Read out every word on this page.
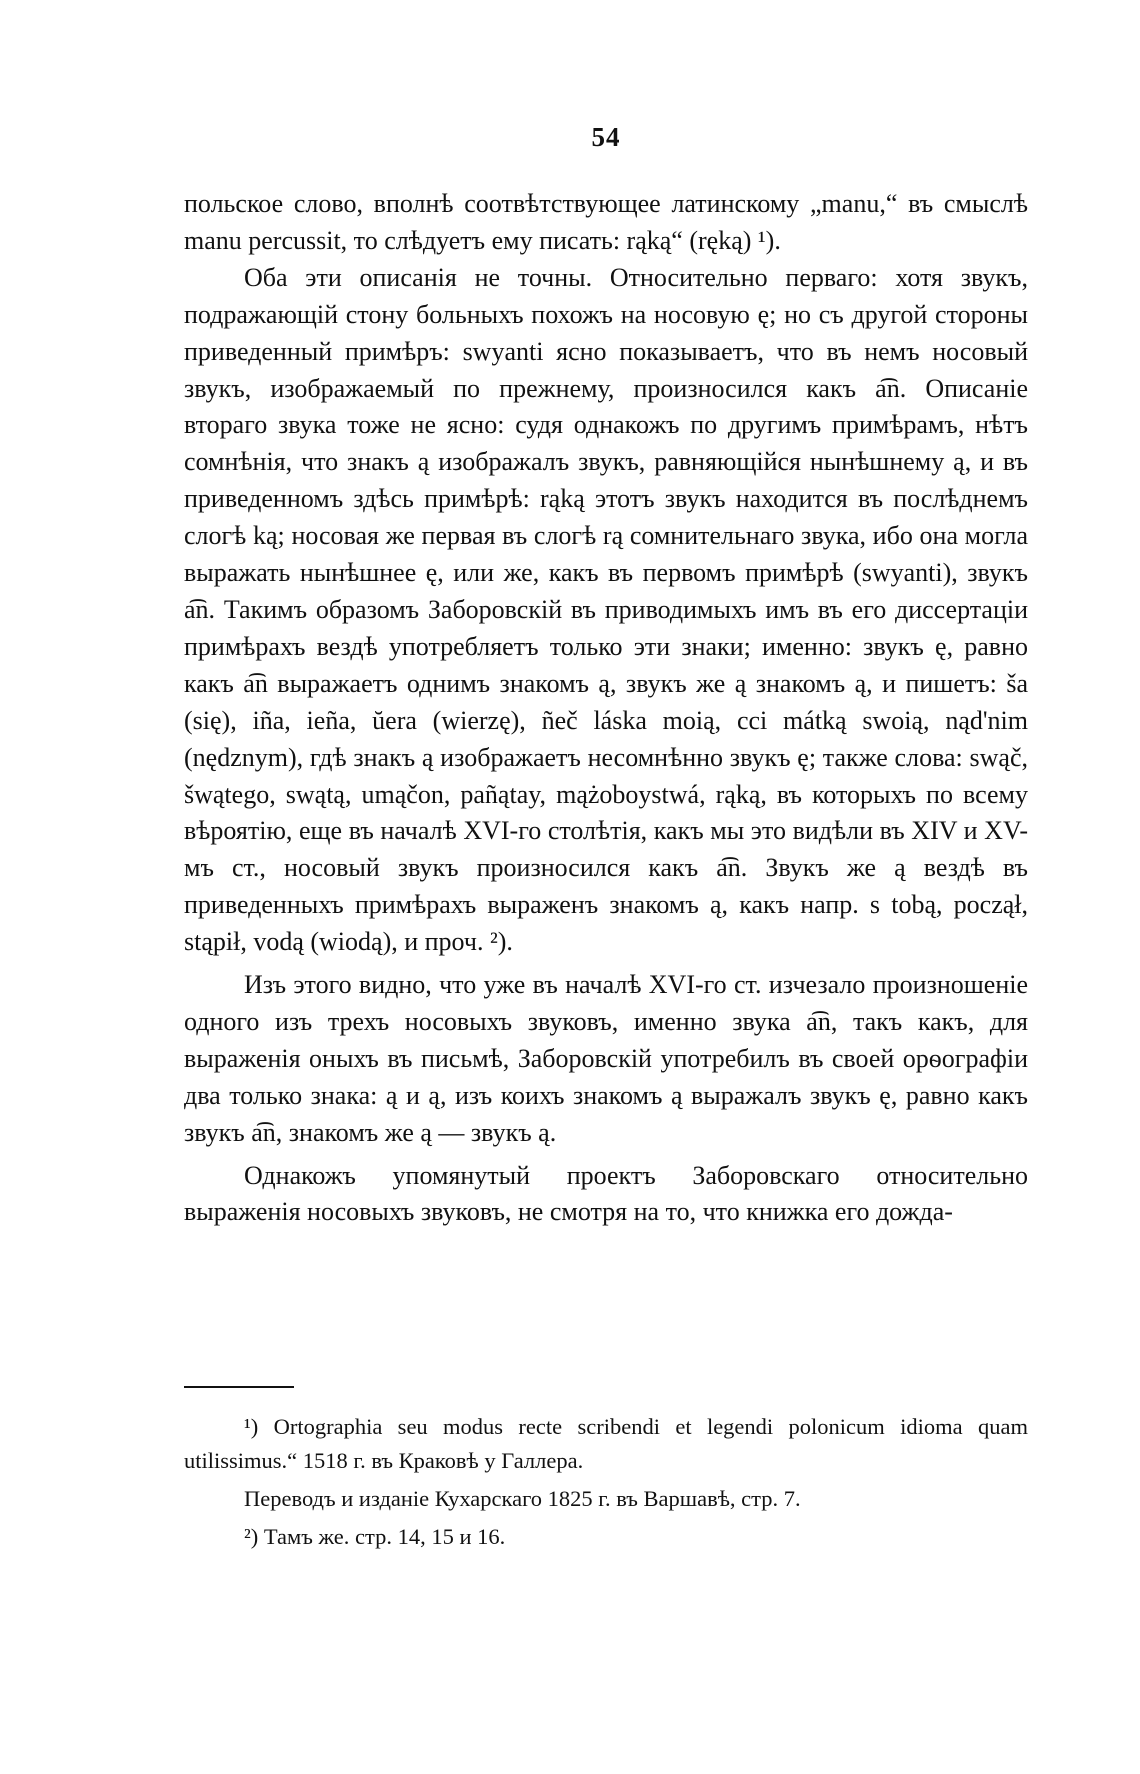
54

польское слово, вполнѣ соотвѣтствующее латинскому „manu,“ въ смыслѣ manu percussit, то слѣдуетъ ему писать: rąką“ (ręką) ¹).

Оба эти описанія не точны. Относительно перваго: хотя звукъ, подражающій стону больныхъ похожъ на носовую ę; но съ другой стороны приведенный примѣръ: swyanti ясно показываетъ, что въ немъ носовый звукъ, изображаемый по прежнему, произносился какъ a͡n. Описаніе втораго звука тоже не ясно: судя однакожъ по другимъ примѣрамъ, нѣтъ сомнѣнія, что знакъ ą изображалъ звукъ, равняющійся нынѣшнему ą, и въ приведенномъ здѣсь примѣрѣ: rąką этотъ звукъ находится въ послѣднемъ слогѣ ką; носовая же первая въ слогѣ rą сомнительнаго звука, ибо она могла выражать нынѣшнее ę, или же, какъ въ первомъ примѣрѣ (swyanti), звукъ a͡n. Такимъ образомъ Заборовскій въ приводимыхъ имъ въ его диссертаціи примѣрахъ вездѣ употребляетъ только эти знаки; именно: звукъ ę, равно какъ a͡n выражаетъ однимъ знакомъ ą, звукъ же ą знакомъ ą, и пишетъ: ša (się), iña, ieñа, ŭera (wierzę), ñeč láska moią, cci mátką swoią, nąd'nim (nędznym), гдѣ знакъ ą изображаетъ несомнѣнно звукъ ę; также слова: swąč, šwątego, swątą, umąčon, pañątay, mążoboystwá, rąką, въ которыхъ по всему вѣроятію, еще въ началѣ XVI-го столѣтія, какъ мы это видѣли въ XIV и XV-мъ ст., носовый звукъ произносился какъ a͡n. Звукъ же ą вездѣ въ приведенныхъ примѣрахъ выраженъ знакомъ ą, какъ напр. s tobą, począł, stąpił, vodą (wiodą), и проч. ²).

Изъ этого видно, что уже въ началѣ XVI-го ст. изчезало произношеніе одного изъ трехъ носовыхъ звуковъ, именно звука a͡n, такъ какъ, для выраженія оныхъ въ письмѣ, Заборовскій употребилъ въ своей орѳографіи два только знака: ą и ą, изъ коихъ знакомъ ą выражалъ звукъ ę, равно какъ звукъ a͡n, знакомъ же ą — звукъ ą.

Однакожъ упомянутый проектъ Заборовскаго относительно выраженія носовыхъ звуковъ, не смотря на то, что книжка его дожда-

¹) Ortographia seu modus recte scribendi et legendi polonicum idioma quam utilissimus.“ 1518 г. въ Краковѣ у Галлера.

Переводъ и изданіе Кухарскаго 1825 г. въ Варшавѣ, стр. 7.

²) Тамъ же. стр. 14, 15 и 16.
